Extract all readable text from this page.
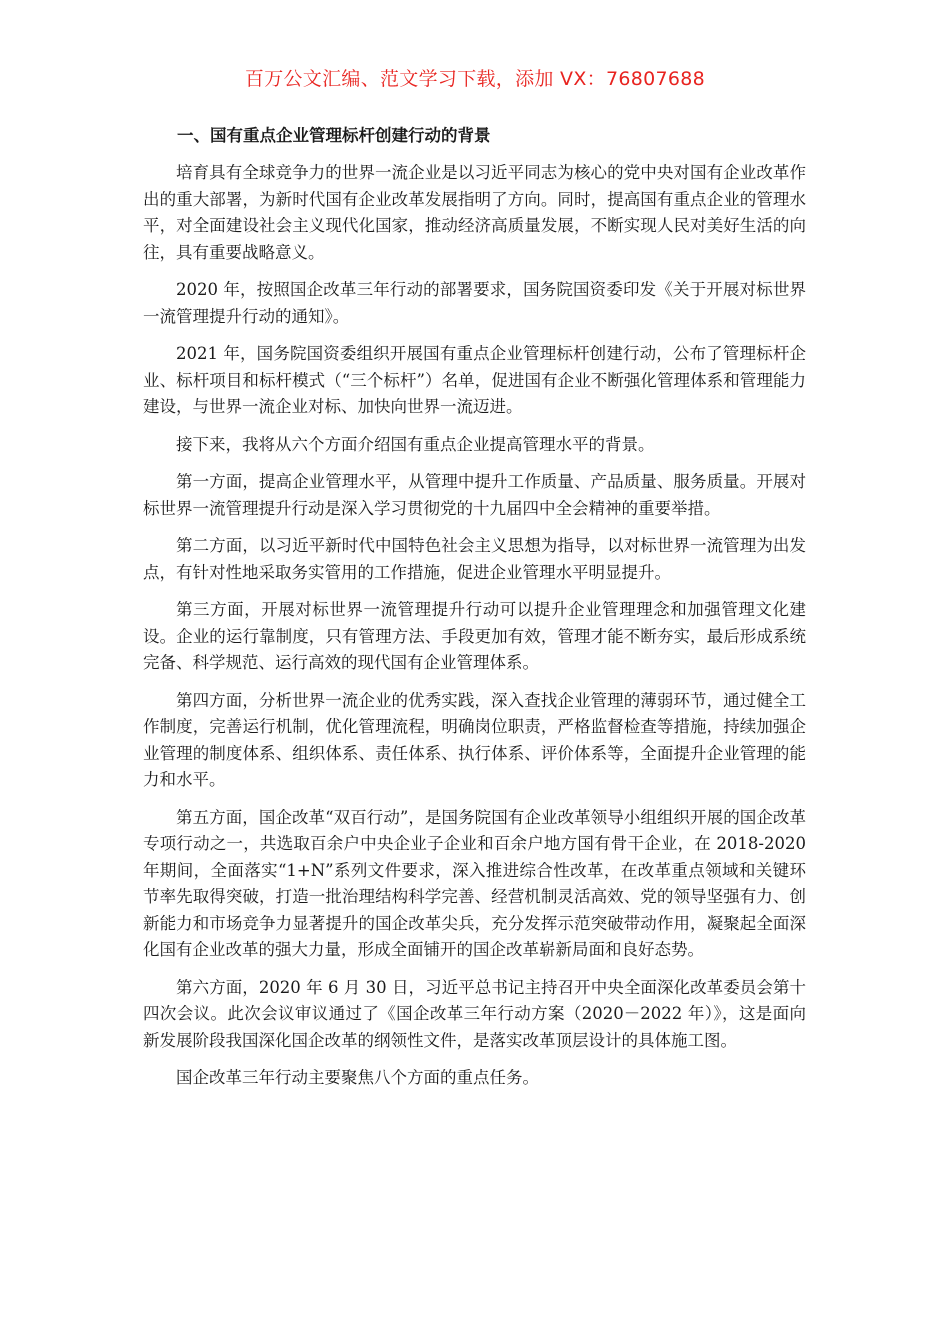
百万公文汇编、范文学习下载，添加 VX：76807688
一、国有重点企业管理标杆创建行动的背景

培育具有全球竞争力的世界一流企业是以习近平同志为核心的党中央对国有企业改革作出的重大部署，为新时代国有企业改革发展指明了方向。同时，提高国有重点企业的管理水平，对全面建设社会主义现代化国家，推动经济高质量发展，不断实现人民对美好生活的向往，具有重要战略意义。

2020 年，按照国企改革三年行动的部署要求，国务院国资委印发《关于开展对标世界一流管理提升行动的通知》。

2021 年，国务院国资委组织开展国有重点企业管理标杆创建行动，公布了管理标杆企业、标杆项目和标杆模式（“三个标杆”）名单，促进国有企业不断强化管理体系和管理能力建设，与世界一流企业对标、加快向世界一流迈进。

接下来，我将从六个方面介绍国有重点企业提高管理水平的背景。

第一方面，提高企业管理水平，从管理中提升工作质量、产品质量、服务质量。开展对标世界一流管理提升行动是深入学习贯彻党的十九届四中全会精神的重要举措。

第二方面，以习近平新时代中国特色社会主义思想为指导，以对标世界一流管理为出发点，有针对性地采取务实管用的工作措施，促进企业管理水平明显提升。

第三方面，开展对标世界一流管理提升行动可以提升企业管理理念和加强管理文化建设。企业的运行靠制度，只有管理方法、手段更加有效，管理才能不断夯实，最后形成系统完备、科学规范、运行高效的现代国有企业管理体系。

第四方面，分析世界一流企业的优秀实践，深入查找企业管理的薄弱环节，通过健全工作制度，完善运行机制，优化管理流程，明确岗位职责，严格监督检查等措施，持续加强企业管理的制度体系、组织体系、责任体系、执行体系、评价体系等，全面提升企业管理的能力和水平。

第五方面，国企改革“双百行动”，是国务院国有企业改革领导小组组织开展的国企改革专项行动之一，共选取百余户中央企业子企业和百余户地方国有骨干企业，在 2018-2020 年期间，全面落实“1+N”系列文件要求，深入推进综合性改革，在改革重点领域和关键环节率先取得突破，打造一批治理结构科学完善、经营机制灵活高效、党的领导坚强有力、创新能力和市场竞争力显著提升的国企改革尖兵，充分发挥示范突破带动作用，凝聚起全面深化国有企业改革的强大力量，形成全面铺开的国企改革崭新局面和良好态势。

第六方面，2020 年 6 月 30 日，习近平总书记主持召开中央全面深化改革委员会第十四次会议。此次会议审议通过了《国企改革三年行动方案（2020－2022 年）》，这是面向新发展阶段我国深化国企改革的纲领性文件，是落实改革顶层设计的具体施工图。

国企改革三年行动主要聚焦八个方面的重点任务。
